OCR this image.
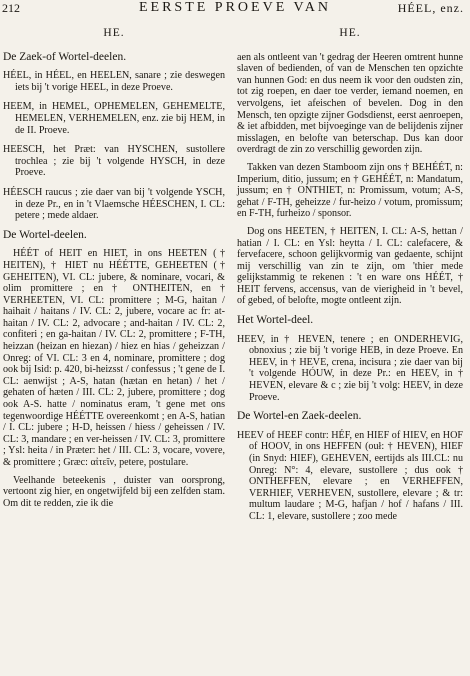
212	EERSTE PROEVE VAN	HÉEL, enz.
HE.
De Zaek-of Wortel-deelen.

HÉEL, in HÉEL, en HEELEN, sanare ; zie deswegen iets bij 't vorige HEEL, in deze Proeve.

HEEM, in HEMEL, OPHEMELEN, GEHEMELTE, HEMELEN, VERHEMELEN, enz. zie bij HEM, in de II. Proeve.

HEESCH, het Præt: van HYSCHEN, sustollere trochlea ; zie bij 't volgende HYSCH, in deze Proeve.

HÉESCH raucus ; zie daer van bij 't volgende YSCH, in deze Pr., en in 't Vlaemsche HÉESCHEN, I. CL: petere ; mede aldaer.

De Wortel-deelen.

HÉÉT of HEIT en HIET, in ons HEETEN († HEITEN), † HIET nu HÉÉTTE, GEHEETEN († GEHEITEN), VI. CL: jubere, & nominare, vocari, & olim promittere ; en † ONTHEITEN, en † VERHEETEN, VI. CL: promittere ; M-G, haitan / haihait / haitans / IV. CL: 2, jubere, vocare ac fr: at-haitan / IV. CL: 2, advocare ; and-haitan / IV. CL: 2, confiteri ; en ga-haitan / IV. CL: 2, promittere ; F-TH, heizzan (heizan en hiezan) / hiez en hias / geheizzan / Onreg: of VI. CL: 3 en 4, nominare, promittere ; dog ook bij Isid: p. 420, bi-heizsst / confessus ; 't gene de I. CL: aenwijst ; A-S, hatan (hætan en hetan) / het / gehaten of hæten / III. CL: 2, jubere, promittere ; dog ook A-S. hatte / nominatus eram, 't gene met ons tegenwoordige HÉÉTTE overeenkomt ; en A-S, hatian / I. CL: jubere ; H-D, heissen / hiess / geheissen / IV. CL: 3, mandare ; en ver-heissen / IV. CL: 3, promittere ; Ysl: heita / in Præter: het / III. CL: 3, vocare, vovere, & promittere ; Græc: αἰτεῖν, petere, postulare.

Veelhande beteekenis , duister van oorsprong, vertoont zig hier, en ongetwijfeld bij een zelfden stam. Om dit te redden, zie ik die

HE.

aen als ontleent van 't gedrag der Heeren omtrent hunne slaven of bedienden, of van de Menschen ten opzichte van hunnen God: en dus neem ik voor den oudsten zin, tot zig roepen, en daer toe verder, iemand noemen, en vervolgens, iet afeischen of bevelen. Dog in den Mensch, ten opzigte zijner Godsdienst, eerst aenroepen, & iet afbidden, met bijvoeginge van de belijdenis zijner misslagen, en belofte van beterschap. Dus kan door overdragt de zin zo verschillig geworden zijn.

Takken van dezen Stamboom zijn ons † BEHÉÉT, n: Imperium, ditio, jussum; en † GEHÉÉT, n: Mandatum, jussum; en † ONTHIET, n: Promissum, votum; A-S, gehat / F-TH, geheizze / fur-heizo / votum, promissum; en F-TH, furheizo / sponsor.

Dog ons HEETEN, † HEITEN, I. CL: A-S, hettan / hatian / I. CL: en Ysl: heytta / I. CL: calefacere, & fervefacere, schoon gelijkvormig van gedaente, schijnt mij verschillig van zin te zijn, om 'thier mede gelijkstammig te rekenen : 't en ware ons HÉÉT, † HEIT fervens, accensus, van de vierigheid in 't bevel, of gebed, of belofte, mogte ontleent zijn.

Het Wortel-deel.

HEEV, in † HEVEN, tenere ; en ONDERHEVIG, obnoxius ; zie bij 't vorige HEB, in deze Proeve. En HEEV, in † HEVE, crena, incisura ; zie daer van bij 't volgende HÓUW, in deze Pr.: en HEEV, in † HEVEN, elevare & c ; zie bij 't volg: HEEV, in deze Proeve.

De Wortel-en Zaek-deelen.

HEEV of HEEF contr: HÉF, en HIEF of HIEV, en HOF of HOOV, in ons HEFFEN (ouł: † HEVEN), HIEF (in Snyd: HIEF), GEHEVEN, eertijds als III.CL: nu Onreg: N°: 4, elevare, sustollere ; dus ook † ONTHEFFEN, elevare ; en VERHEFFEN, VERHIEF, VERHEVEN, sustollere, elevare ; & tr: multum laudare ; M-G, hafjan / hof / hafans / III. CL: 1, elevare, sustollere ; zoo mede
